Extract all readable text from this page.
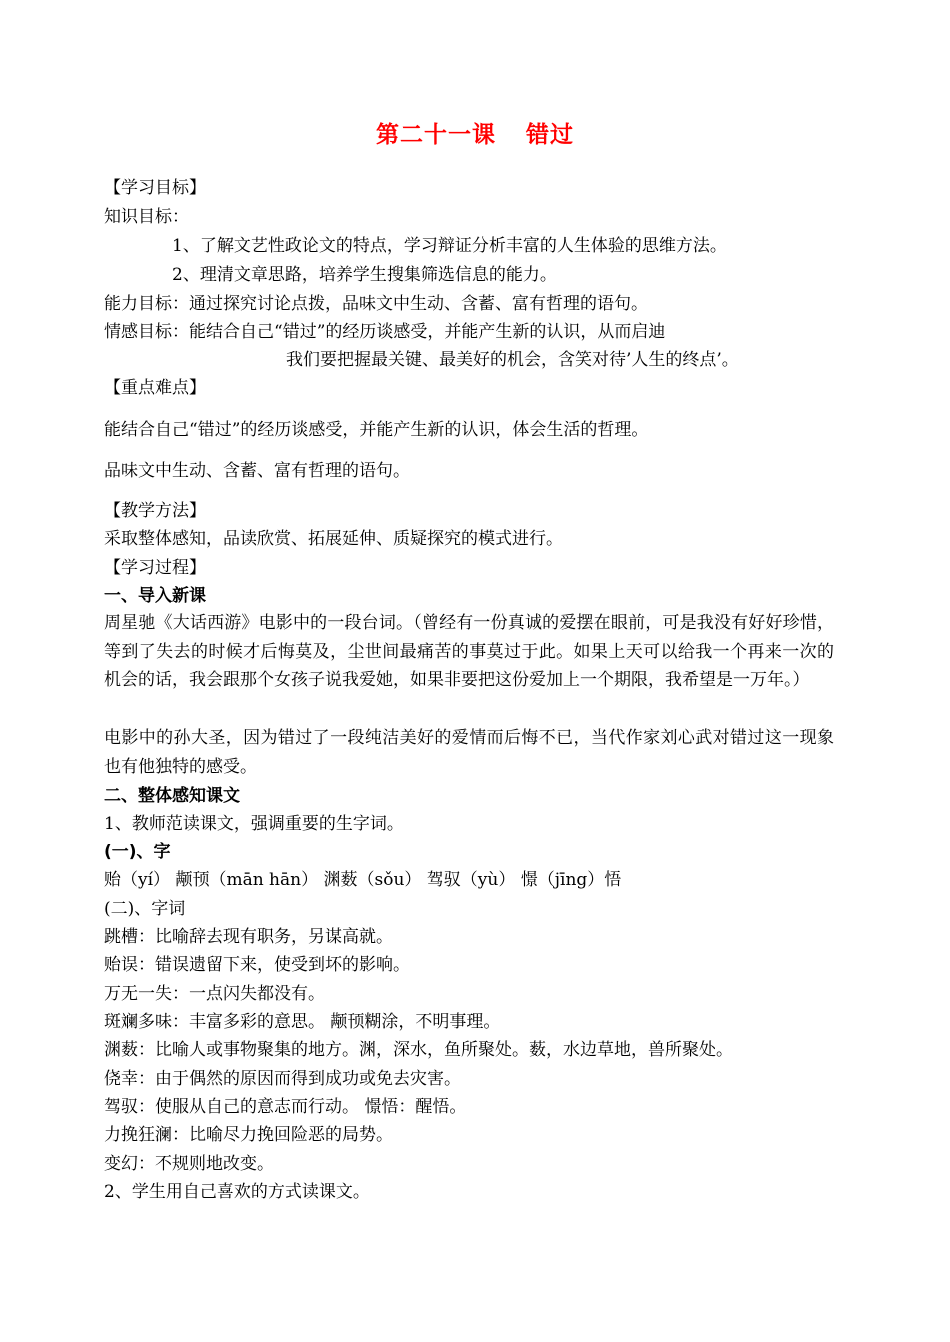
第二十一课 错过
【学习目标】
知识目标：
1、了解文艺性政论文的特点，学习辩证分析丰富的人生体验的思维方法。
2、理清文章思路，培养学生搜集筛选信息的能力。
能力目标：通过探究讨论点拨，品味文中生动、含蓄、富有哲理的语句。
情感目标：能结合自己“错过”的经历谈感受，并能产生新的认识，从而启迪
我们要把握最关键、最美好的机会，含笑对待’人生的终点’。
【重点难点】
能结合自己“错过”的经历谈感受，并能产生新的认识，体会生活的哲理。
品味文中生动、含蓄、富有哲理的语句。
【教学方法】
采取整体感知，品读欣赏、拓展延伸、质疑探究的模式进行。
【学习过程】
一、导入新课
周星驰《大话西游》电影中的一段台词。（曾经有一份真诚的爱摆在眼前，可是我没有好好珍惜，等到了失去的时候才后悔莫及，尘世间最痛苦的事莫过于此。如果上天可以给我一个再来一次的机会的话，我会跟那个女孩子说我爱她，如果非要把这份爱加上一个期限，我希望是一万年。）
电影中的孙大圣，因为错过了一段纯洁美好的爱情而后悔不已，当代作家刘心武对错过这一现象也有他独特的感受。
二、整体感知课文
1、教师范读课文，强调重要的生字词。
(一)、字
贻（yí） 颟顸（mān hān） 渊薮（sǒu） 驾驭（yù） 憬（jīng）悟
(二)、字词
跳槽：比喻辞去现有职务，另谋高就。
贻误：错误遗留下来，使受到坏的影响。
万无一失：一点闪失都没有。
斑斓多味：丰富多彩的意思。 颟顸糊涂，不明事理。
渊薮：比喻人或事物聚集的地方。渊，深水，鱼所聚处。薮，水边草地，兽所聚处。
侥幸：由于偶然的原因而得到成功或免去灾害。
驾驭：使服从自己的意志而行动。 憬悟：醒悟。
力挽狂澜：比喻尽力挽回险恶的局势。
变幻：不规则地改变。
2、学生用自己喜欢的方式读课文。
